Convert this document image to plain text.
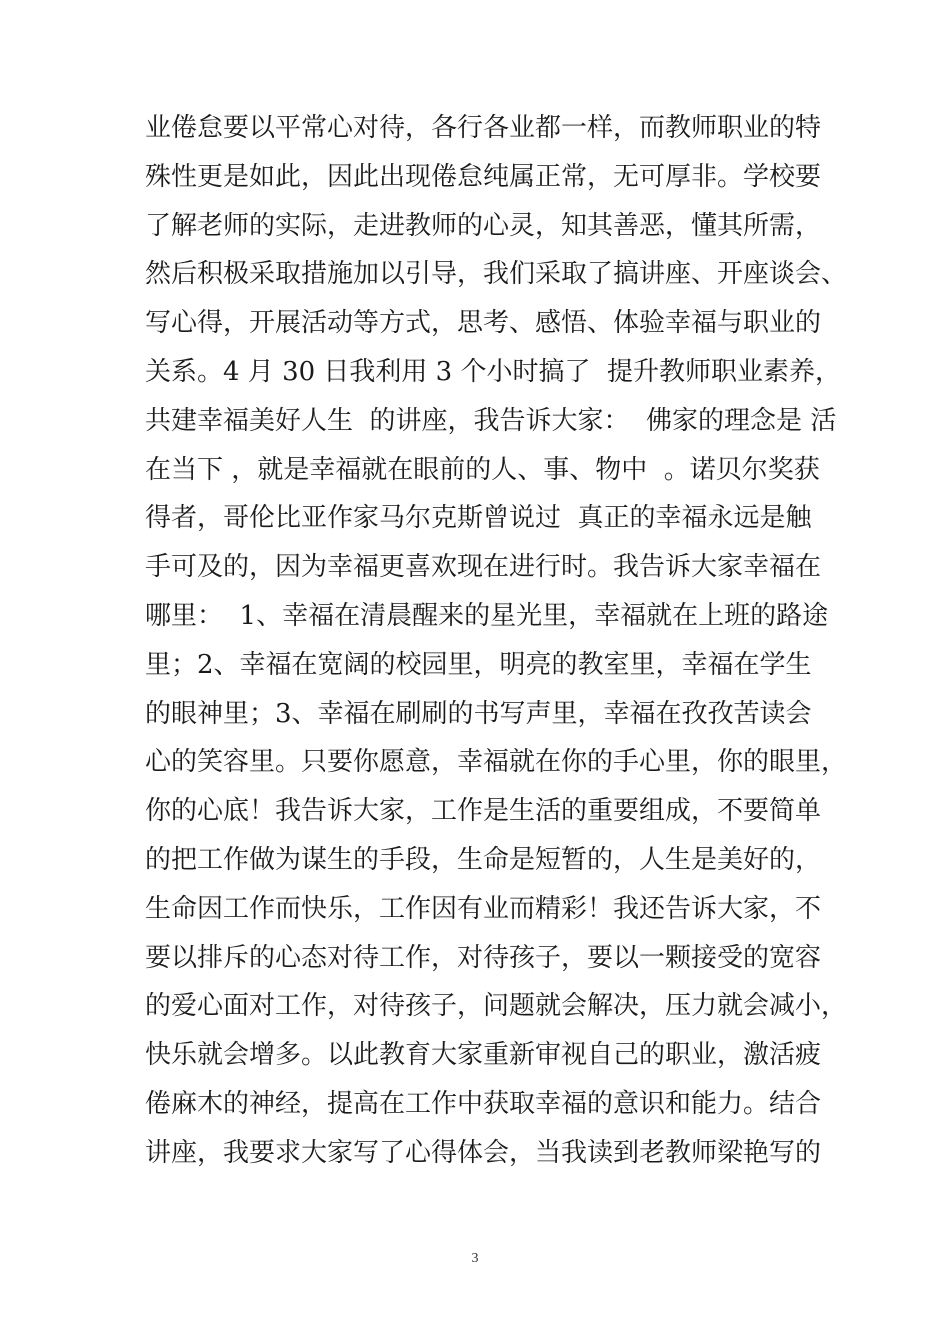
业倦怠要以平常心对待，各行各业都一样，而教师职业的特
殊性更是如此，因此出现倦怠纯属正常，无可厚非。学校要
了解老师的实际，走进教师的心灵，知其善恶，懂其所需，
然后积极采取措施加以引导，我们采取了搞讲座、开座谈会、
写心得，开展活动等方式，思考、感悟、体验幸福与职业的
关系。4 月 30 日我利用 3 个小时搞了  提升教师职业素养，
共建幸福美好人生  的讲座，我告诉大家：  佛家的理念是 活
在当下 ，就是幸福就在眼前的人、事、物中  。诺贝尔奖获
得者，哥伦比亚作家马尔克斯曾说过  真正的幸福永远是触
手可及的，因为幸福更喜欢现在进行时。我告诉大家幸福在
哪里：  1、幸福在清晨醒来的星光里，幸福就在上班的路途
里；2、幸福在宽阔的校园里，明亮的教室里，幸福在学生
的眼神里；3、幸福在刷刷的书写声里，幸福在孜孜苦读会
心的笑容里。只要你愿意，幸福就在你的手心里，你的眼里，
你的心底！我告诉大家，工作是生活的重要组成，不要简单
的把工作做为谋生的手段，生命是短暂的，人生是美好的，
生命因工作而快乐，工作因有业而精彩！我还告诉大家，不
要以排斥的心态对待工作，对待孩子，要以一颗接受的宽容
的爱心面对工作，对待孩子，问题就会解决，压力就会减小，
快乐就会增多。以此教育大家重新审视自己的职业，激活疲
倦麻木的神经，提高在工作中获取幸福的意识和能力。结合
讲座，我要求大家写了心得体会，当我读到老教师梁艳写的
3
